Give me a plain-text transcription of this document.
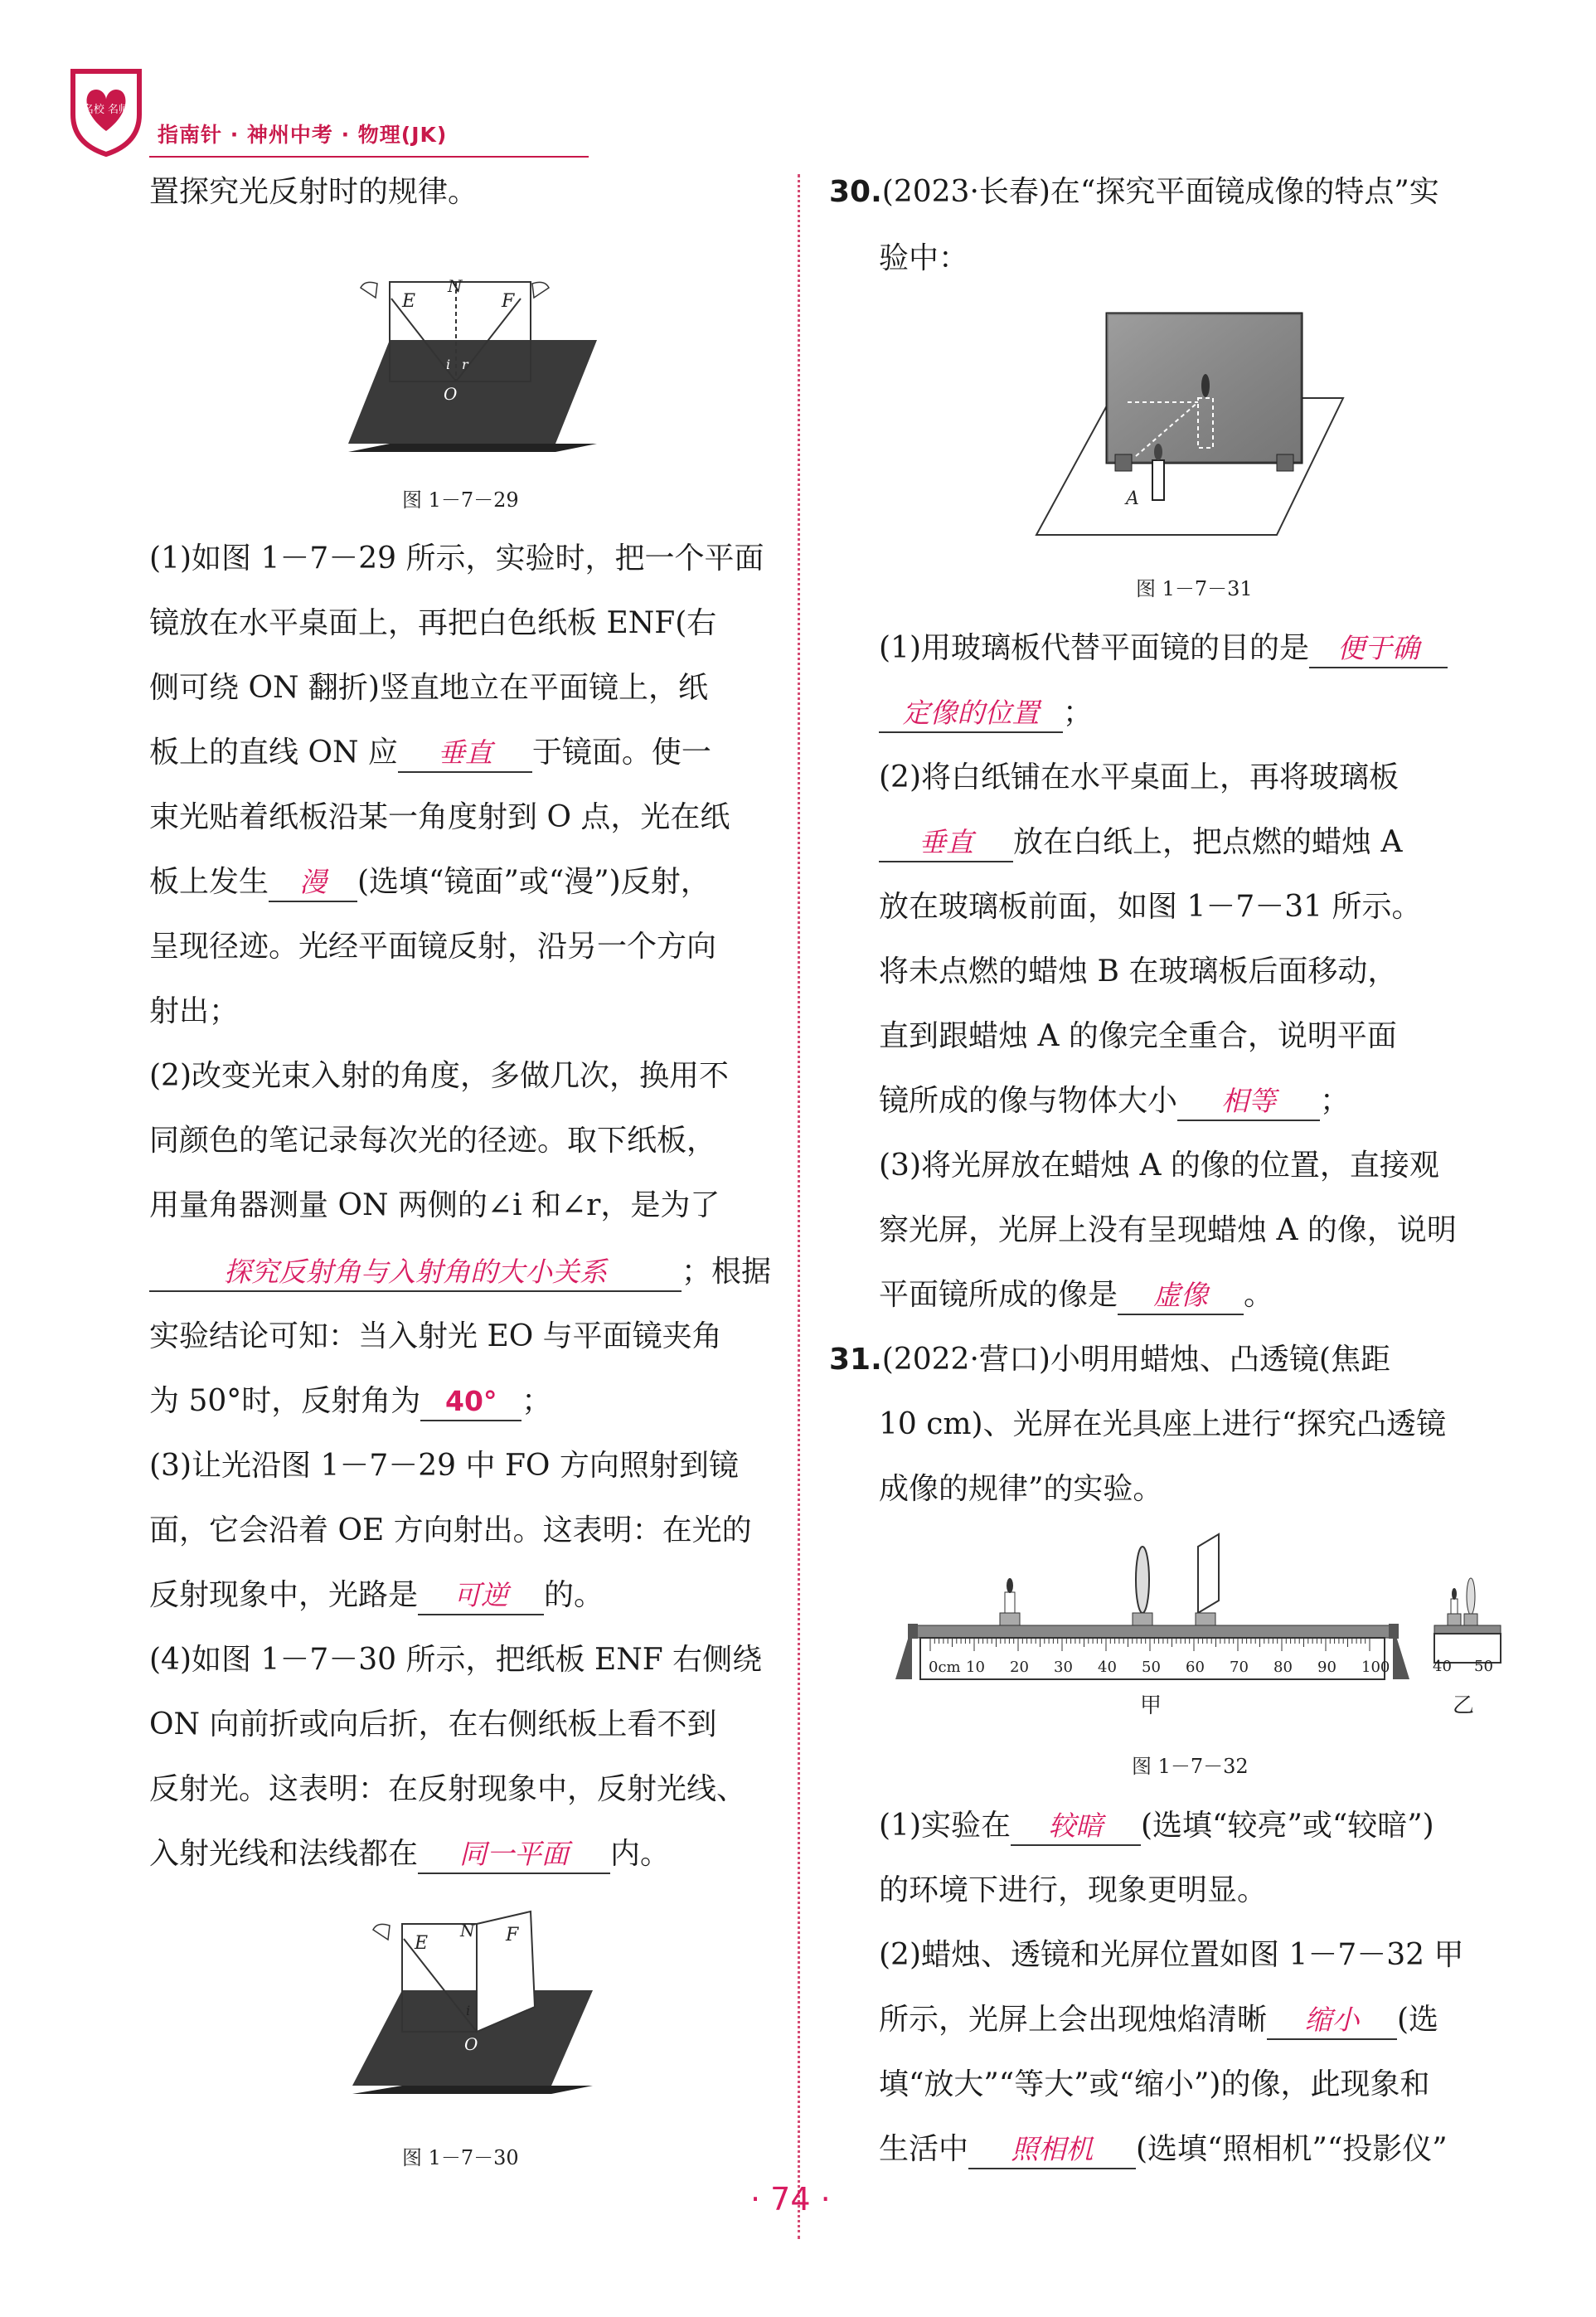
名校 名师
指南针 · 神州中考 · 物理(JK)
置探究光反射时的规律。
E
N
F
O
i r
图 1－7－29
(1)如图 1－7－29 所示，实验时，把一个平面
镜放在水平桌面上，再把白色纸板 ENF(右
侧可绕 ON 翻折)竖直地立在平面镜上，纸
板上的直线 ON 应 垂直 于镜面。使一
束光贴着纸板沿某一角度射到 O 点，光在纸
板上发生 漫 (选填“镜面”或“漫”)反射，
呈现径迹。光经平面镜反射，沿另一个方向
射出；
(2)改变光束入射的角度，多做几次，换用不
同颜色的笔记录每次光的径迹。取下纸板，
用量角器测量 ON 两侧的∠i 和∠r，是为了
探究反射角与入射角的大小关系	；根据
实验结论可知：当入射光 EO 与平面镜夹角
为 50°时，反射角为 40° ；
(3)让光沿图 1－7－29 中 FO 方向照射到镜
面，它会沿着 OE 方向射出。这表明：在光的
反射现象中，光路是 可逆 的。
(4)如图 1－7－30 所示，把纸板 ENF 右侧绕
ON 向前折或向后折，在右侧纸板上看不到
反射光。这表明：在反射现象中，反射光线、
入射光线和法线都在 同一平面 内。
E
N F
O
i
图 1－7－30
30.(2023·长春)在“探究平面镜成像的特点”实
验中：
A
图 1－7－31
(1)用玻璃板代替平面镜的目的是 便于确
定像的位置 ；
(2)将白纸铺在水平桌面上，再将玻璃板
垂直 放在白纸上，把点燃的蜡烛 A
放在玻璃板前面，如图 1－7－31 所示。
将未点燃的蜡烛 B 在玻璃板后面移动，
直到跟蜡烛 A 的像完全重合，说明平面
镜所成的像与物体大小 相等 ；
(3)将光屏放在蜡烛 A 的像的位置，直接观
察光屏，光屏上没有呈现蜡烛 A 的像，说明
平面镜所成的像是 虚像 。
31.(2022·营口)小明用蜡烛、凸透镜(焦距
10 cm)、光屏在光具座上进行“探究凸透镜
成像的规律”的实验。
0cm 10 20 30 40 50 60 70 80 90 100
甲
40 50
乙
图 1－7－32
(1)实验在 较暗 (选填“较亮”或“较暗”)
的环境下进行，现象更明显。
(2)蜡烛、透镜和光屏位置如图 1－7－32 甲
所示，光屏上会出现烛焰清晰 缩小 (选
填“放大”“等大”或“缩小”)的像，此现象和
生活中 照相机 (选填“照相机”“投影仪”
· 74 ·
